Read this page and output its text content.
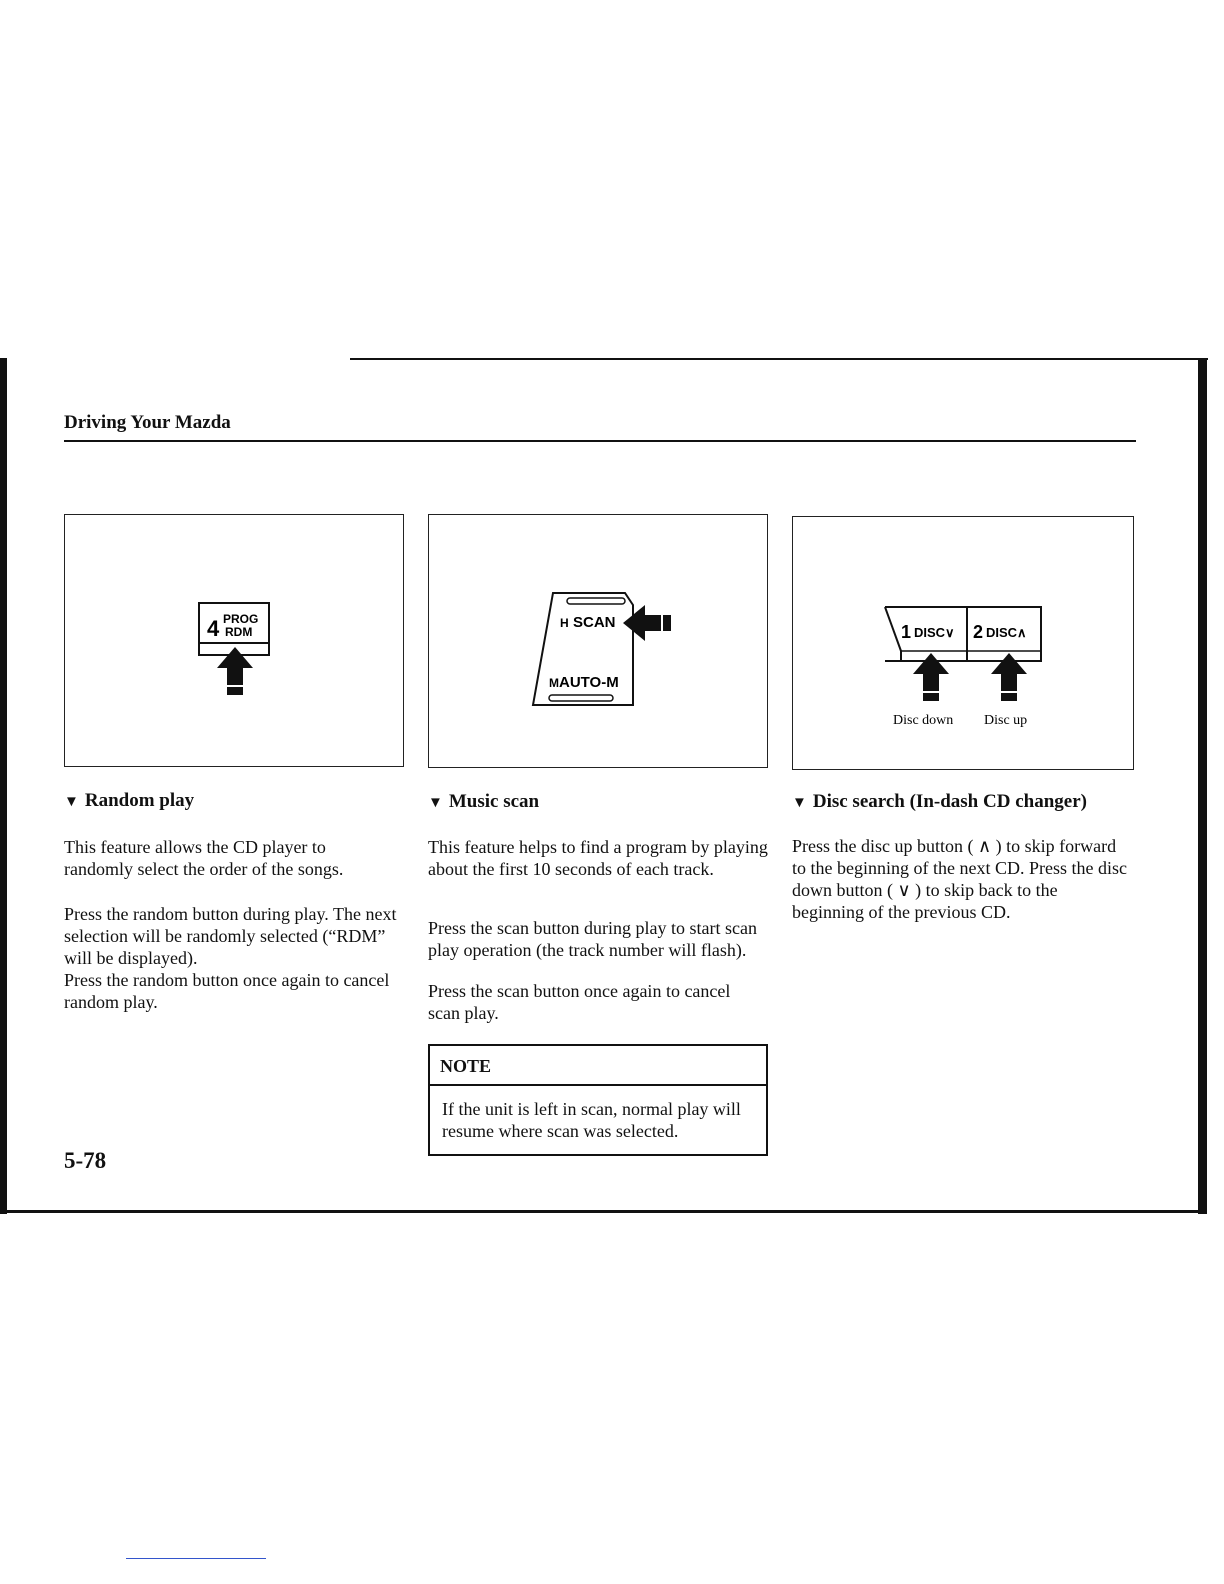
Driving Your Mazda
4 PROG
RDM
H SCAN
M AUTO-M
1 DISC∨ 2 DISC∧
Disc down Disc up
▼ Random play

This feature allows the CD player to randomly select the order of the songs.

Press the random button during play. The next selection will be randomly selected (“RDM” will be displayed).

Press the random button once again to cancel random play.

▼ Music scan

This feature helps to find a program by playing about the first 10 seconds of each track.

Press the scan button during play to start scan play operation (the track number will flash).

Press the scan button once again to cancel scan play.

NOTE

If the unit is left in scan, normal play will resume where scan was selected.

▼ Disc search (In-dash CD changer)

Press the disc up button ( ∧ ) to skip forward to the beginning of the next CD. Press the disc down button ( ∨ ) to skip back to the beginning of the previous CD.

5-78
